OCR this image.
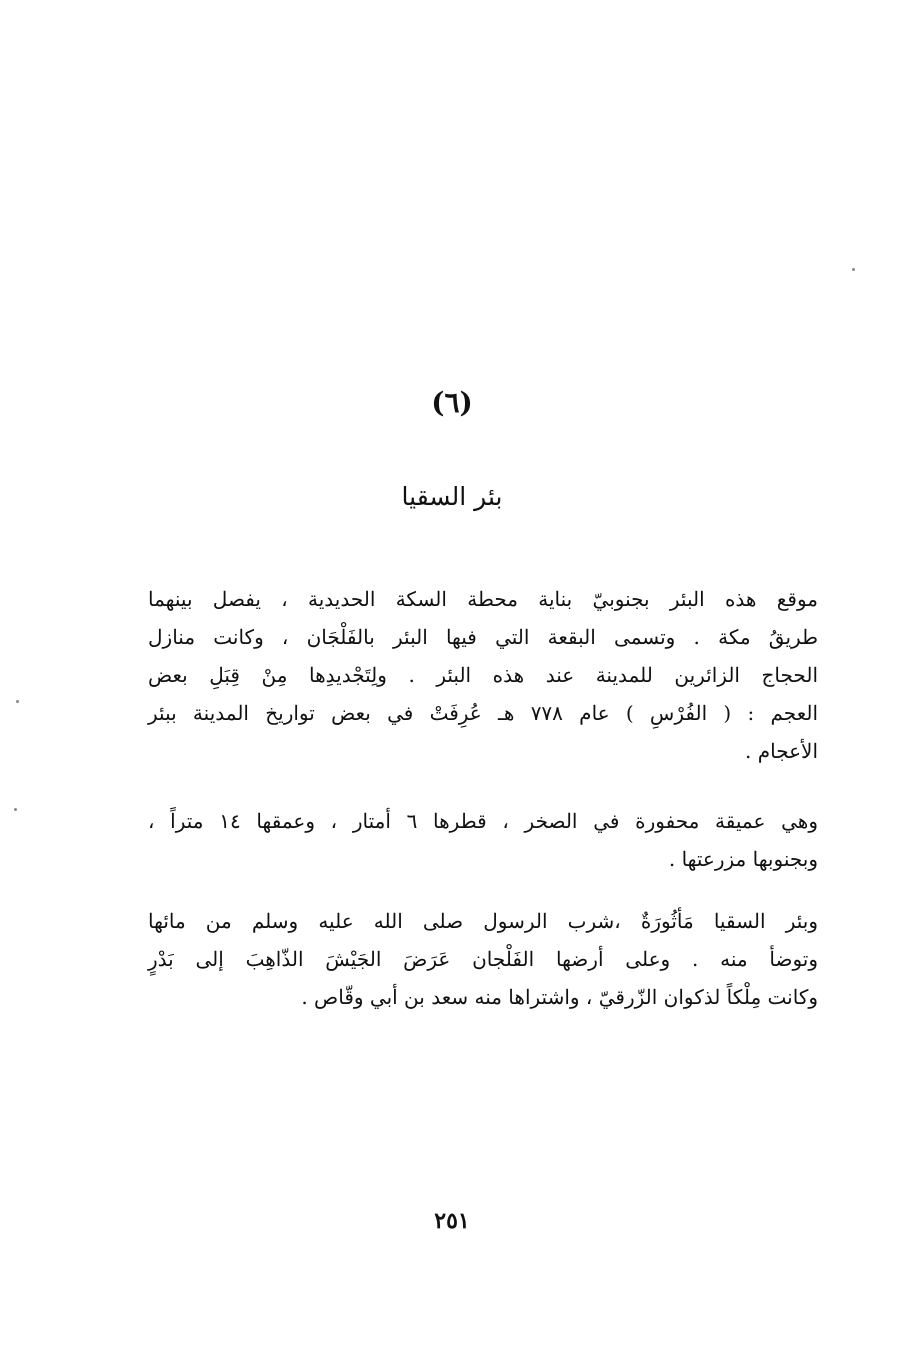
(٦)
بئر السقيا
موقع هذه البئر بجنوبيّ بناية محطة السكة الحديدية ، يفصل بينهما
طريقُ مكة . وتسمى البقعة التي فيها البئر بالفَلْجَان ، وكانت منازل
الحجاج الزائرين للمدينة عند هذه البئر . ولِتَجْديدِها مِنْ قِبَلِ بعض
العجم : ( الفُرْسِ ) عام ٧٧٨ هـ عُرِفَتْ في بعض تواريخ المدينة ببئر
الأعجام .
وهي عميقة محفورة في الصخر ، قطرها ٦ أمتار ، وعمقها ١٤ متراً ،
وبجنوبها مزرعتها .
وبئر السقيا مَأثُورَةٌ ،شرب الرسول صلى الله عليه وسلم من مائها
وتوضأ منه . وعلى أرضها الفَلْجان عَرَضَ الجَيْشَ الذّاهِبَ إلى بَدْرٍ
وكانت مِلْكاً لذكوان الزّرقيّ ، واشتراها منه سعد بن أبي وقّاص .
٢٥١
